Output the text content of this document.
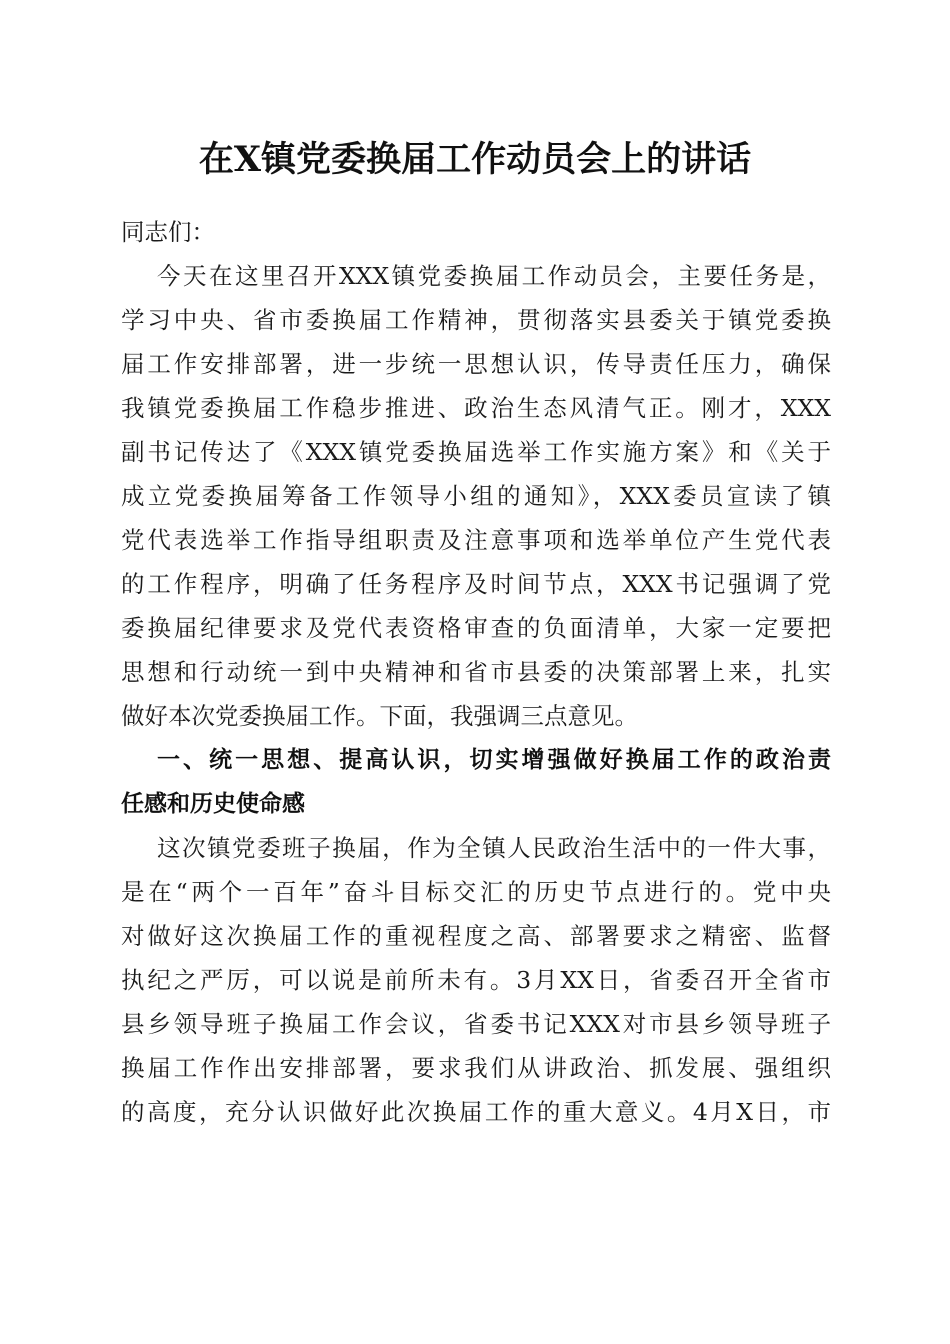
在X镇党委换届工作动员会上的讲话
同志们：
今天在这里召开XXX镇党委换届工作动员会，主要任务是，
学习中央、省市委换届工作精神，贯彻落实县委关于镇党委换
届工作安排部署，进一步统一思想认识，传导责任压力，确保
我镇党委换届工作稳步推进、政治生态风清气正。刚才，XXX
副书记传达了《XXX镇党委换届选举工作实施方案》和《关于
成立党委换届筹备工作领导小组的通知》，XXX委员宣读了镇
党代表选举工作指导组职责及注意事项和选举单位产生党代表
的工作程序，明确了任务程序及时间节点，XXX书记强调了党
委换届纪律要求及党代表资格审查的负面清单，大家一定要把
思想和行动统一到中央精神和省市县委的决策部署上来，扎实
做好本次党委换届工作。下面，我强调三点意见。
一、统一思想、提高认识，切实增强做好换届工作的政治责
任感和历史使命感
这次镇党委班子换届，作为全镇人民政治生活中的一件大事，
是在“两个一百年”奋斗目标交汇的历史节点进行的。党中央
对做好这次换届工作的重视程度之高、部署要求之精密、监督
执纪之严厉，可以说是前所未有。3月XX日，省委召开全省市
县乡领导班子换届工作会议，省委书记XXX对市县乡领导班子
换届工作作出安排部署，要求我们从讲政治、抓发展、强组织
的高度，充分认识做好此次换届工作的重大意义。4月X日，市
